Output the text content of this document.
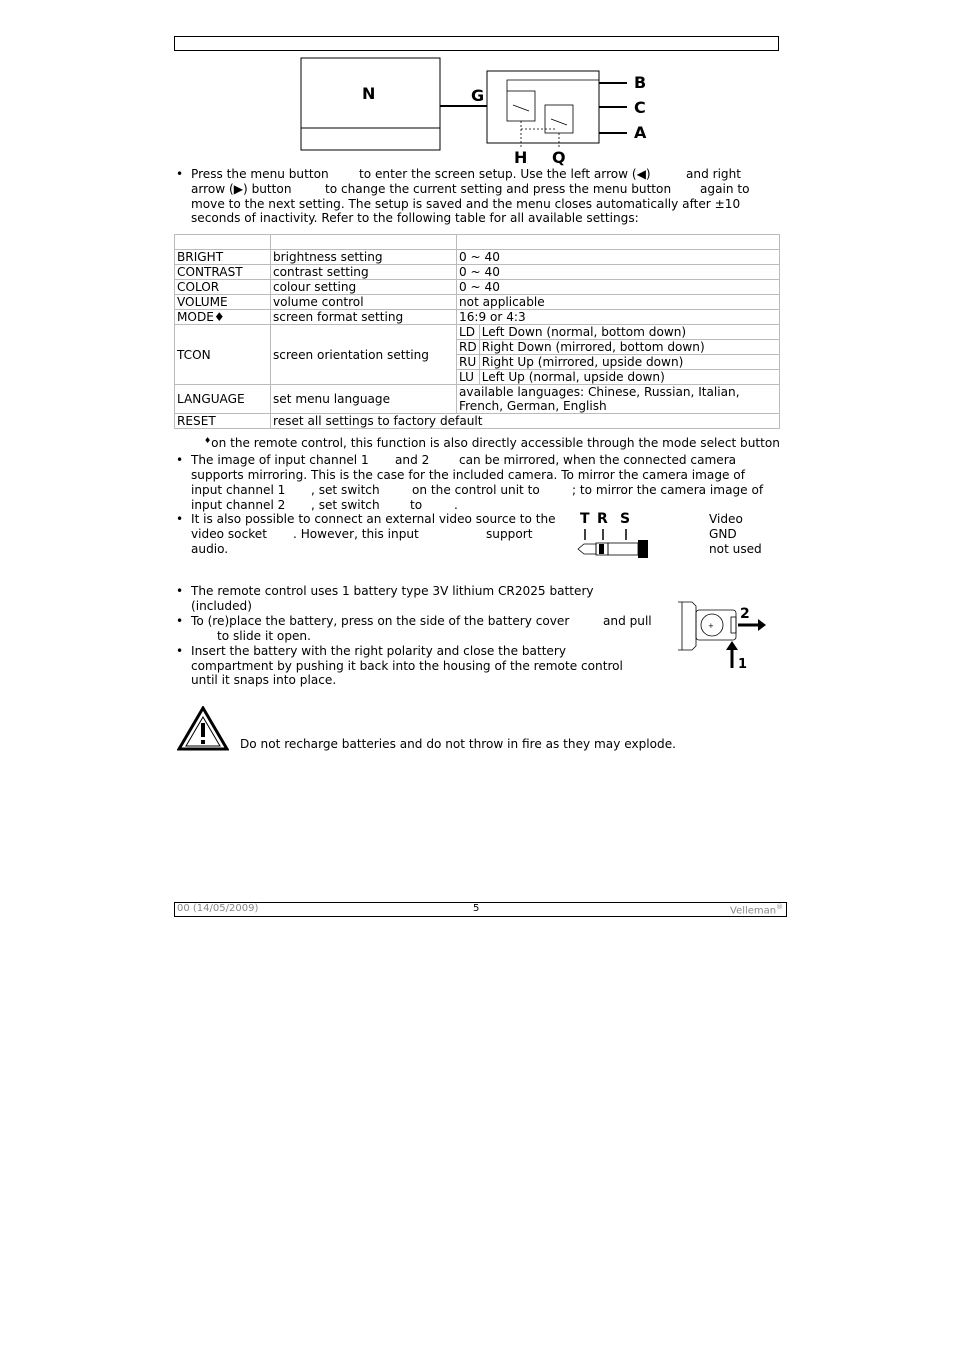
N	G
B
C
A
H Q
• Press the menu button	to enter the screen setup. Use the left arrow (◀)	and right
arrow (▶) button	to change the current setting and press the menu button again to
move to the next setting. The setup is saved and the menu closes automatically after ±10
seconds of inactivity. Refer to the following table for all available settings:

BRIGHT	brightness setting	0 ~ 40	
CONTRAST	contrast setting	0 ~ 40	
COLOR	colour setting	0 ~ 40	
VOLUME	volume control	not applicable	
MODE♦	screen format setting	16:9 or 4:3	
TCON	screen orientation setting	LD	Left Down (normal, bottom down)
		RD	Right Down (mirrored, bottom down)
		RU	Right Up (mirrored, upside down)
		LU	Left Up (normal, upside down)
LANGUAGE	set menu language	available languages: Chinese, Russian, Italian,
French, German, English	

RESET	reset all settings to factory default		
♦on the remote control, this function is also directly accessible through the mode select button
• The image of input channel 1 and 2 can be mirrored, when the connected camera
supports mirroring. This is the case for the included camera. To mirror the camera image of
input channel 1 , set switch	on the control unit to	; to mirror the camera image of
input channel 2 , set switch	to	.
• It is also possible to connect an external video source to the
video socket . However, this input	support
audio.
T R S	Video
GND
not used
• The remote control uses 1 battery type 3V lithium CR2025 battery
(included)
• To (re)place the battery, press on the side of the battery cover	and pull
to slide it open.
• Insert the battery with the right polarity and close the battery
compartment by pushing it back into the housing of the remote control
until it snaps into place.
+
2
1
Do not recharge batteries and do not throw in fire as they may explode.
00 (14/05/2009)	5	Velleman®
